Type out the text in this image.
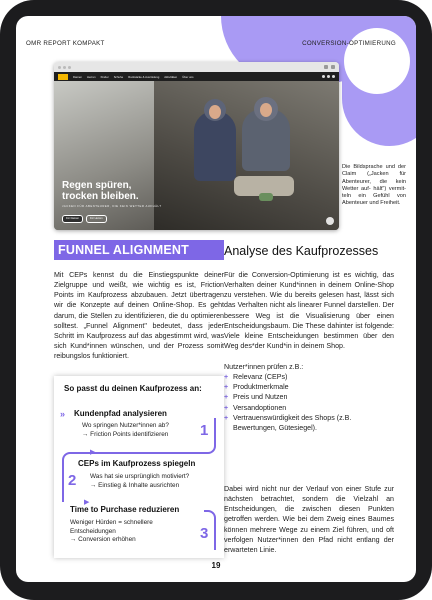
OMR REPORT KOMPAKT	CONVERSION-OPTIMIERUNG
Damen Herren Kinder Schuhe Rucksäcke & Ausrüstung Aktivitäten Über uns
Regen spüren,
trocken bleiben.
JACKEN FÜR ABENTEURER, DIE KEIN WETTER AUFHÄLT
Für Damen	Für Herren
Die Bildsprache und der Claim („Jacken für Abenteurer, die kein Wetter auf- hält") vermit- teln ein Gefühl von Abenteuer und Freiheit.
FUNNEL ALIGNMENT	Analyse des Kaufprozesses
Mit CEPs kennst du die Einstiegspunkte deiner Zielgruppe und weißt, wie wichtig es ist, Friction Points im Kaufprozess abzubauen. Jetzt übertragen wir die Konzepte auf deinen Online-Shop. Es geht darum, die Stellen zu identifizieren, die du optimieren solltest. „Funnel Alignment" bedeutet, dass jeder Schritt im Kaufprozess auf das abgestimmt wird, was sich Kund*innen wünschen, und der Prozess somit reibungslos funktioniert.
Für die Conversion-Optimierung ist es wichtig, das Verhalten deiner Kund*innen in deinem Online-Shop zu verstehen. Wie du bereits gelesen hast, lässt sich das Verhalten nicht als linearer Funnel darstellen. Der bessere Weg ist die Visualisierung über einen Entscheidungsbaum. Die These dahinter ist folgende: Viele kleine Entscheidungen bestimmen über den Weg des*der Kund*in in deinem Shop.
Nutzer*innen prüfen z.B.:
+ Relevanz (CEPs)
+ Produktmerkmale
+ Preis und Nutzen
+ Versandoptionen
+ Vertrauenswürdigkeit des Shops (z.B. Bewertungen, Gütesiegel).
Dabei wird nicht nur der Verlauf von einer Stufe zur nächsten betrachtet, sondern die Vielzahl an Entscheidungen, die zwischen diesen Punkten getroffen werden. Wie bei dem Zweig eines Baumes können mehrere Wege zu einem Ziel führen, und oft verfolgen Nutzer*innen den Pfad nicht entlang der erwarteten Linie.
So passt du deinen Kaufprozess an:
» Kundenpfad analysieren
Wo springen Nutzer*innen ab?
→ Friction Points identifizieren 1
▶
CEPs im Kaufprozess spiegeln
Was hat sie ursprünglich motiviert?
→ Einstieg & Inhalte ausrichten
2
▶
Time to Purchase reduzieren
Weniger Hürden = schnellere
Entscheidungen
→ Conversion erhöhen	3
19
